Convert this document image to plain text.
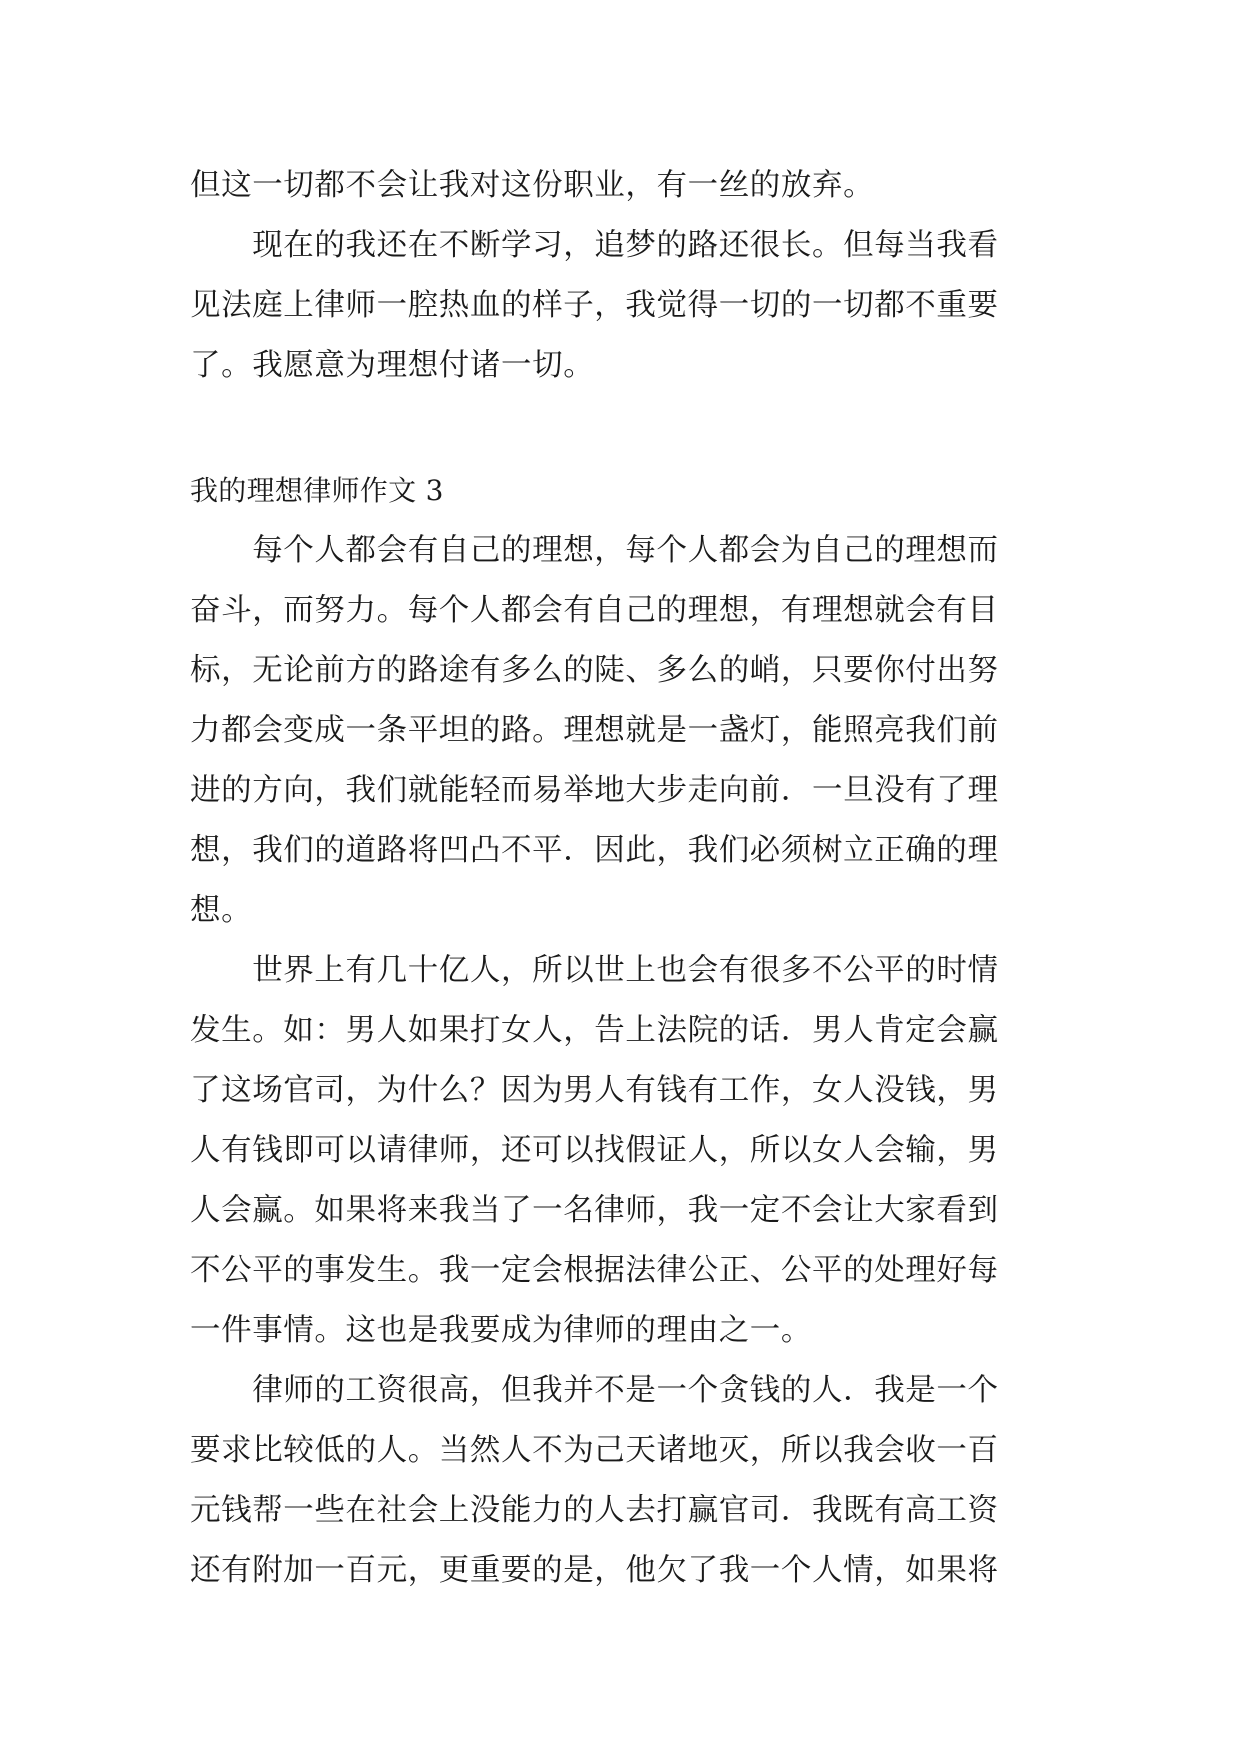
但这一切都不会让我对这份职业，有一丝的放弃。
　　现在的我还在不断学习，追梦的路还很长。但每当我看
见法庭上律师一腔热血的样子，我觉得一切的一切都不重要
了。我愿意为理想付诸一切。
我的理想律师作文 3
　　每个人都会有自己的理想，每个人都会为自己的理想而
奋斗，而努力。每个人都会有自己的理想，有理想就会有目
标，无论前方的路途有多么的陡、多么的峭，只要你付出努
力都会变成一条平坦的路。理想就是一盏灯，能照亮我们前
进的方向，我们就能轻而易举地大步走向前．一旦没有了理
想，我们的道路将凹凸不平．因此，我们必须树立正确的理
想。
　　世界上有几十亿人，所以世上也会有很多不公平的时情
发生。如：男人如果打女人，告上法院的话．男人肯定会赢
了这场官司，为什么？因为男人有钱有工作，女人没钱，男
人有钱即可以请律师，还可以找假证人，所以女人会输，男
人会赢。如果将来我当了一名律师，我一定不会让大家看到
不公平的事发生。我一定会根据法律公正、公平的处理好每
一件事情。这也是我要成为律师的理由之一。
　　律师的工资很高，但我并不是一个贪钱的人．我是一个
要求比较低的人。当然人不为己天诸地灭，所以我会收一百
元钱帮一些在社会上没能力的人去打赢官司．我既有高工资
还有附加一百元，更重要的是，他欠了我一个人情，如果将
